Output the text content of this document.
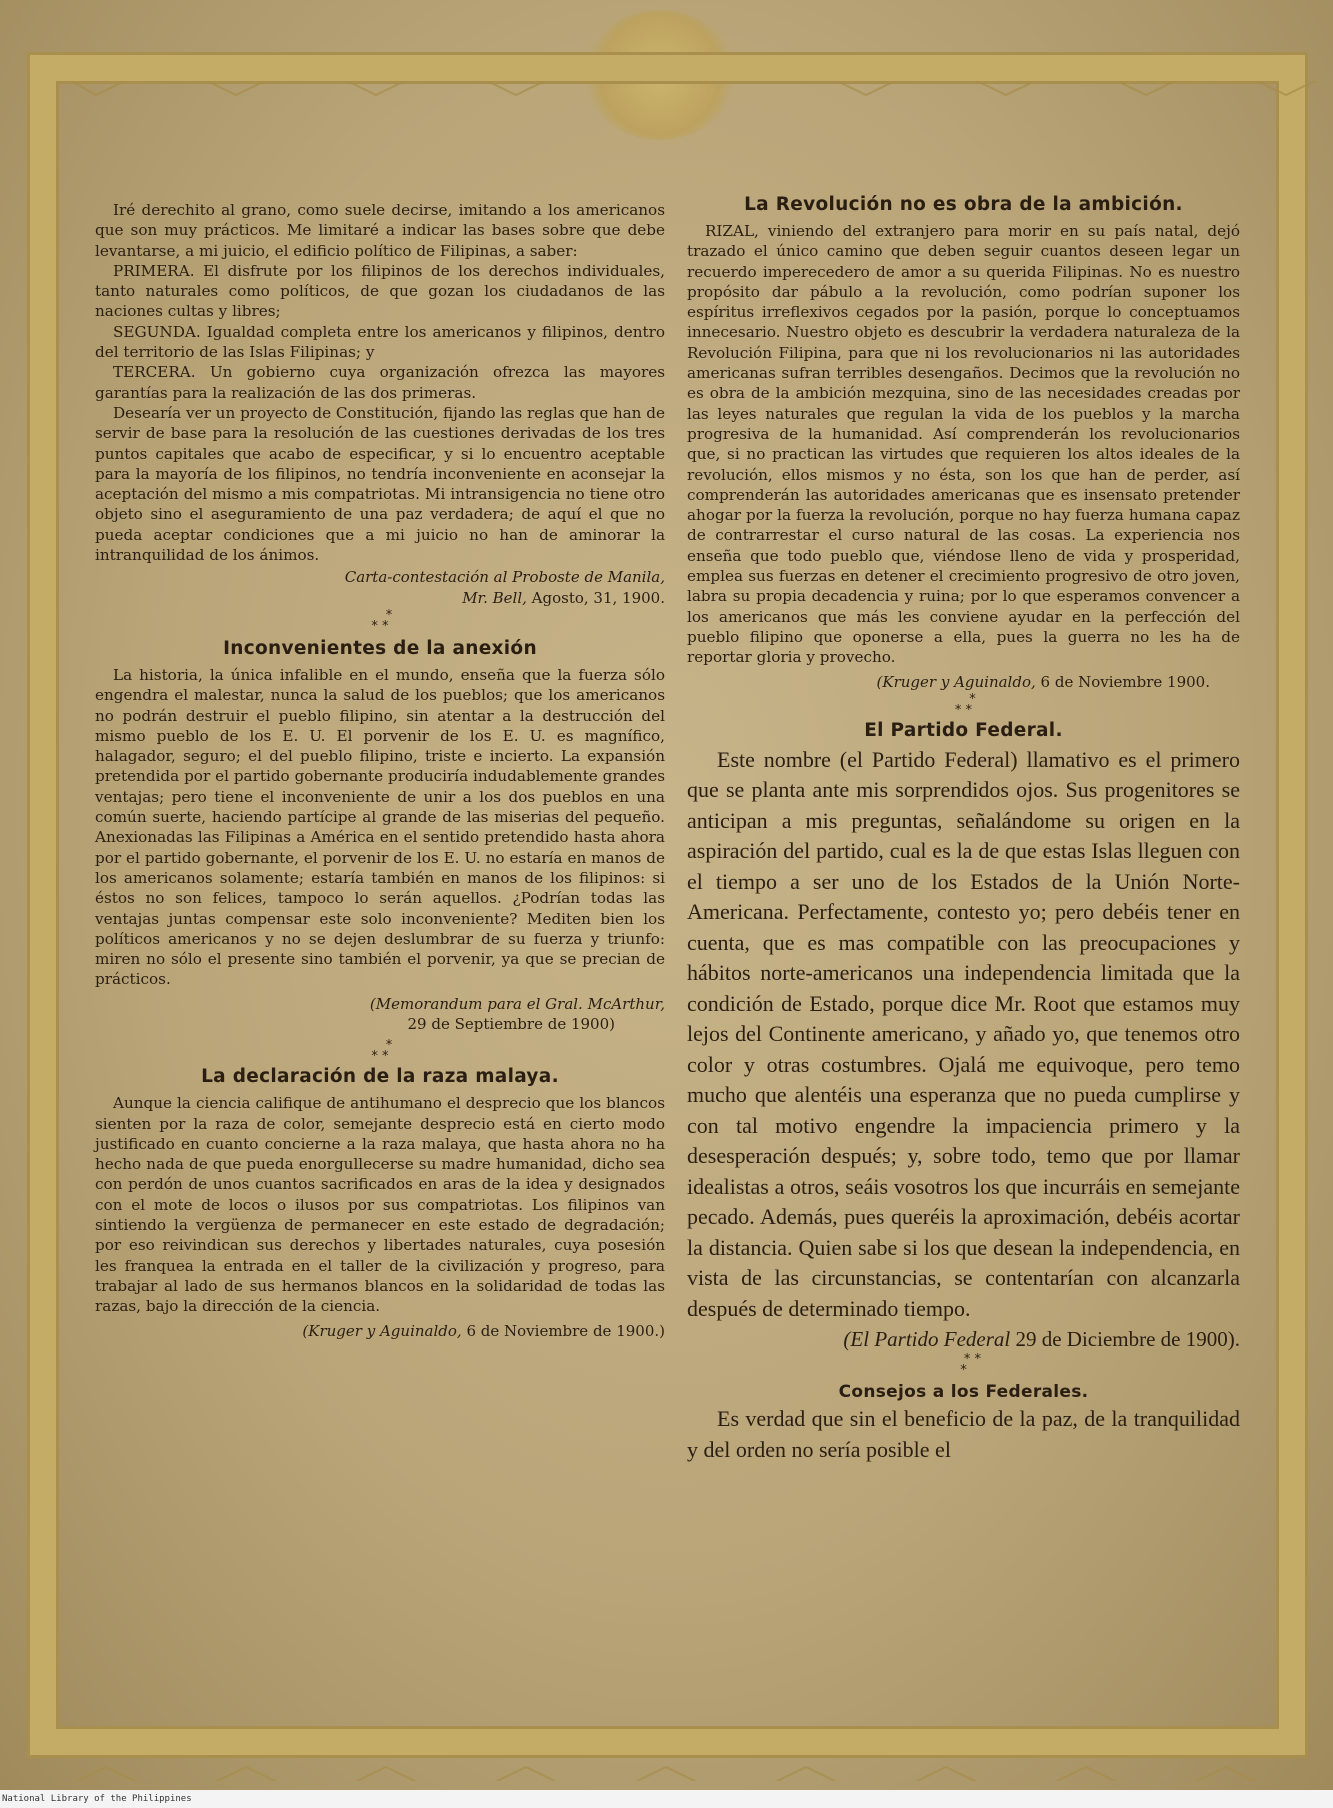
Iré derechito al grano, como suele decirse, imitando a los americanos que son muy prácticos. Me limitaré a indicar las bases sobre que debe levantarse, a mi juicio, el edificio político de Filipinas, a saber:

PRIMERA. El disfrute por los filipinos de los derechos individuales, tanto naturales como políticos, de que gozan los ciudadanos de las naciones cultas y libres;

SEGUNDA. Igualdad completa entre los americanos y filipinos, dentro del territorio de las Islas Filipinas; y

TERCERA. Un gobierno cuya organización ofrezca las mayores garantías para la realización de las dos primeras.

Desearía ver un proyecto de Constitución, fijando las reglas que han de servir de base para la resolución de las cuestiones derivadas de los tres puntos capitales que acabo de especificar, y si lo encuentro aceptable para la mayoría de los filipinos, no tendría inconveniente en aconsejar la aceptación del mismo a mis compatriotas. Mi intransigencia no tiene otro objeto sino el aseguramiento de una paz verdadera; de aquí el que no pueda aceptar condiciones que a mi juicio no han de aminorar la intranquilidad de los ánimos.

Carta-contestación al Proboste de Manila,
Mr. Bell, Agosto, 31, 1900.

*
* *

Inconvenientes de la anexión

La historia, la única infalible en el mundo, enseña que la fuerza sólo engendra el malestar, nunca la salud de los pueblos; que los americanos no podrán destruir el pueblo filipino, sin atentar a la destrucción del mismo pueblo de los E. U. El porvenir de los E. U. es magnífico, halagador, seguro; el del pueblo filipino, triste e incierto. La expansión pretendida por el partido gobernante produciría indudablemente grandes ventajas; pero tiene el inconveniente de unir a los dos pueblos en una común suerte, haciendo partícipe al grande de las miserias del pequeño. Anexionadas las Filipinas a América en el sentido pretendido hasta ahora por el partido gobernante, el porvenir de los E. U. no estaría en manos de los americanos solamente; estaría también en manos de los filipinos: si éstos no son felices, tampoco lo serán aquellos. ¿Podrían todas las ventajas juntas compensar este solo inconveniente? Mediten bien los políticos americanos y no se dejen deslumbrar de su fuerza y triunfo: miren no sólo el presente sino también el porvenir, ya que se precian de prácticos.

(Memorandum para el Gral. McArthur,

29 de Septiembre de 1900)

*
* *

La declaración de la raza malaya.

Aunque la ciencia califique de antihumano el desprecio que los blancos sienten por la raza de color, semejante desprecio está en cierto modo justificado en cuanto concierne a la raza malaya, que hasta ahora no ha hecho nada de que pueda enorgullecerse su madre humanidad, dicho sea con perdón de unos cuantos sacrificados en aras de la idea y designados con el mote de locos o ilusos por sus compatriotas. Los filipinos van sintiendo la vergüenza de permanecer en este estado de degradación; por eso reivindican sus derechos y libertades naturales, cuya posesión les franquea la entrada en el taller de la civilización y progreso, para trabajar al lado de sus hermanos blancos en la solidaridad de todas las razas, bajo la dirección de la ciencia.

(Kruger y Aguinaldo, 6 de Noviembre de 1900.)

La Revolución no es obra de la ambición.

RIZAL, viniendo del extranjero para morir en su país natal, dejó trazado el único camino que deben seguir cuantos deseen legar un recuerdo imperecedero de amor a su querida Filipinas. No es nuestro propósito dar pábulo a la revolución, como podrían suponer los espíritus irreflexivos cegados por la pasión, porque lo conceptuamos innecesario. Nuestro objeto es descubrir la verdadera naturaleza de la Revolución Filipina, para que ni los revolucionarios ni las autoridades americanas sufran terribles desengaños. Decimos que la revolución no es obra de la ambición mezquina, sino de las necesidades creadas por las leyes naturales que regulan la vida de los pueblos y la marcha progresiva de la humanidad. Así comprenderán los revolucionarios que, si no practican las virtudes que requieren los altos ideales de la revolución, ellos mismos y no ésta, son los que han de perder, así comprenderán las autoridades americanas que es insensato pretender ahogar por la fuerza la revolución, porque no hay fuerza humana capaz de contrarrestar el curso natural de las cosas. La experiencia nos enseña que todo pueblo que, viéndose lleno de vida y prosperidad, emplea sus fuerzas en detener el crecimiento progresivo de otro joven, labra su propia decadencia y ruina; por lo que esperamos convencer a los americanos que más les conviene ayudar en la perfección del pueblo filipino que oponerse a ella, pues la guerra no les ha de reportar gloria y provecho.

(Kruger y Aguinaldo, 6 de Noviembre 1900.

*
* *

El Partido Federal.

Este nombre (el Partido Federal) llamativo es el primero que se planta ante mis sorprendidos ojos. Sus progenitores se anticipan a mis preguntas, señalándome su origen en la aspiración del partido, cual es la de que estas Islas lleguen con el tiempo a ser uno de los Estados de la Unión Norte-Americana. Perfectamente, contesto yo; pero debéis tener en cuenta, que es mas compatible con las preocupaciones y hábitos norte-americanos una independencia limitada que la condición de Estado, porque dice Mr. Root que estamos muy lejos del Continente americano, y añado yo, que tenemos otro color y otras costumbres. Ojalá me equivoque, pero temo mucho que alentéis una esperanza que no pueda cumplirse y con tal motivo engendre la impaciencia primero y la desesperación después; y, sobre todo, temo que por llamar idealistas a otros, seáis vosotros los que incurráis en semejante pecado. Además, pues queréis la aproximación, debéis acortar la distancia. Quien sabe si los que desean la independencia, en vista de las circunstancias, se contentarían con alcanzarla después de determinado tiempo.

(El Partido Federal 29 de Diciembre de 1900).

* *
*

Consejos a los Federales.

Es verdad que sin el beneficio de la paz, de la tranquilidad y del orden no sería posible el

National Library of the Philippines
